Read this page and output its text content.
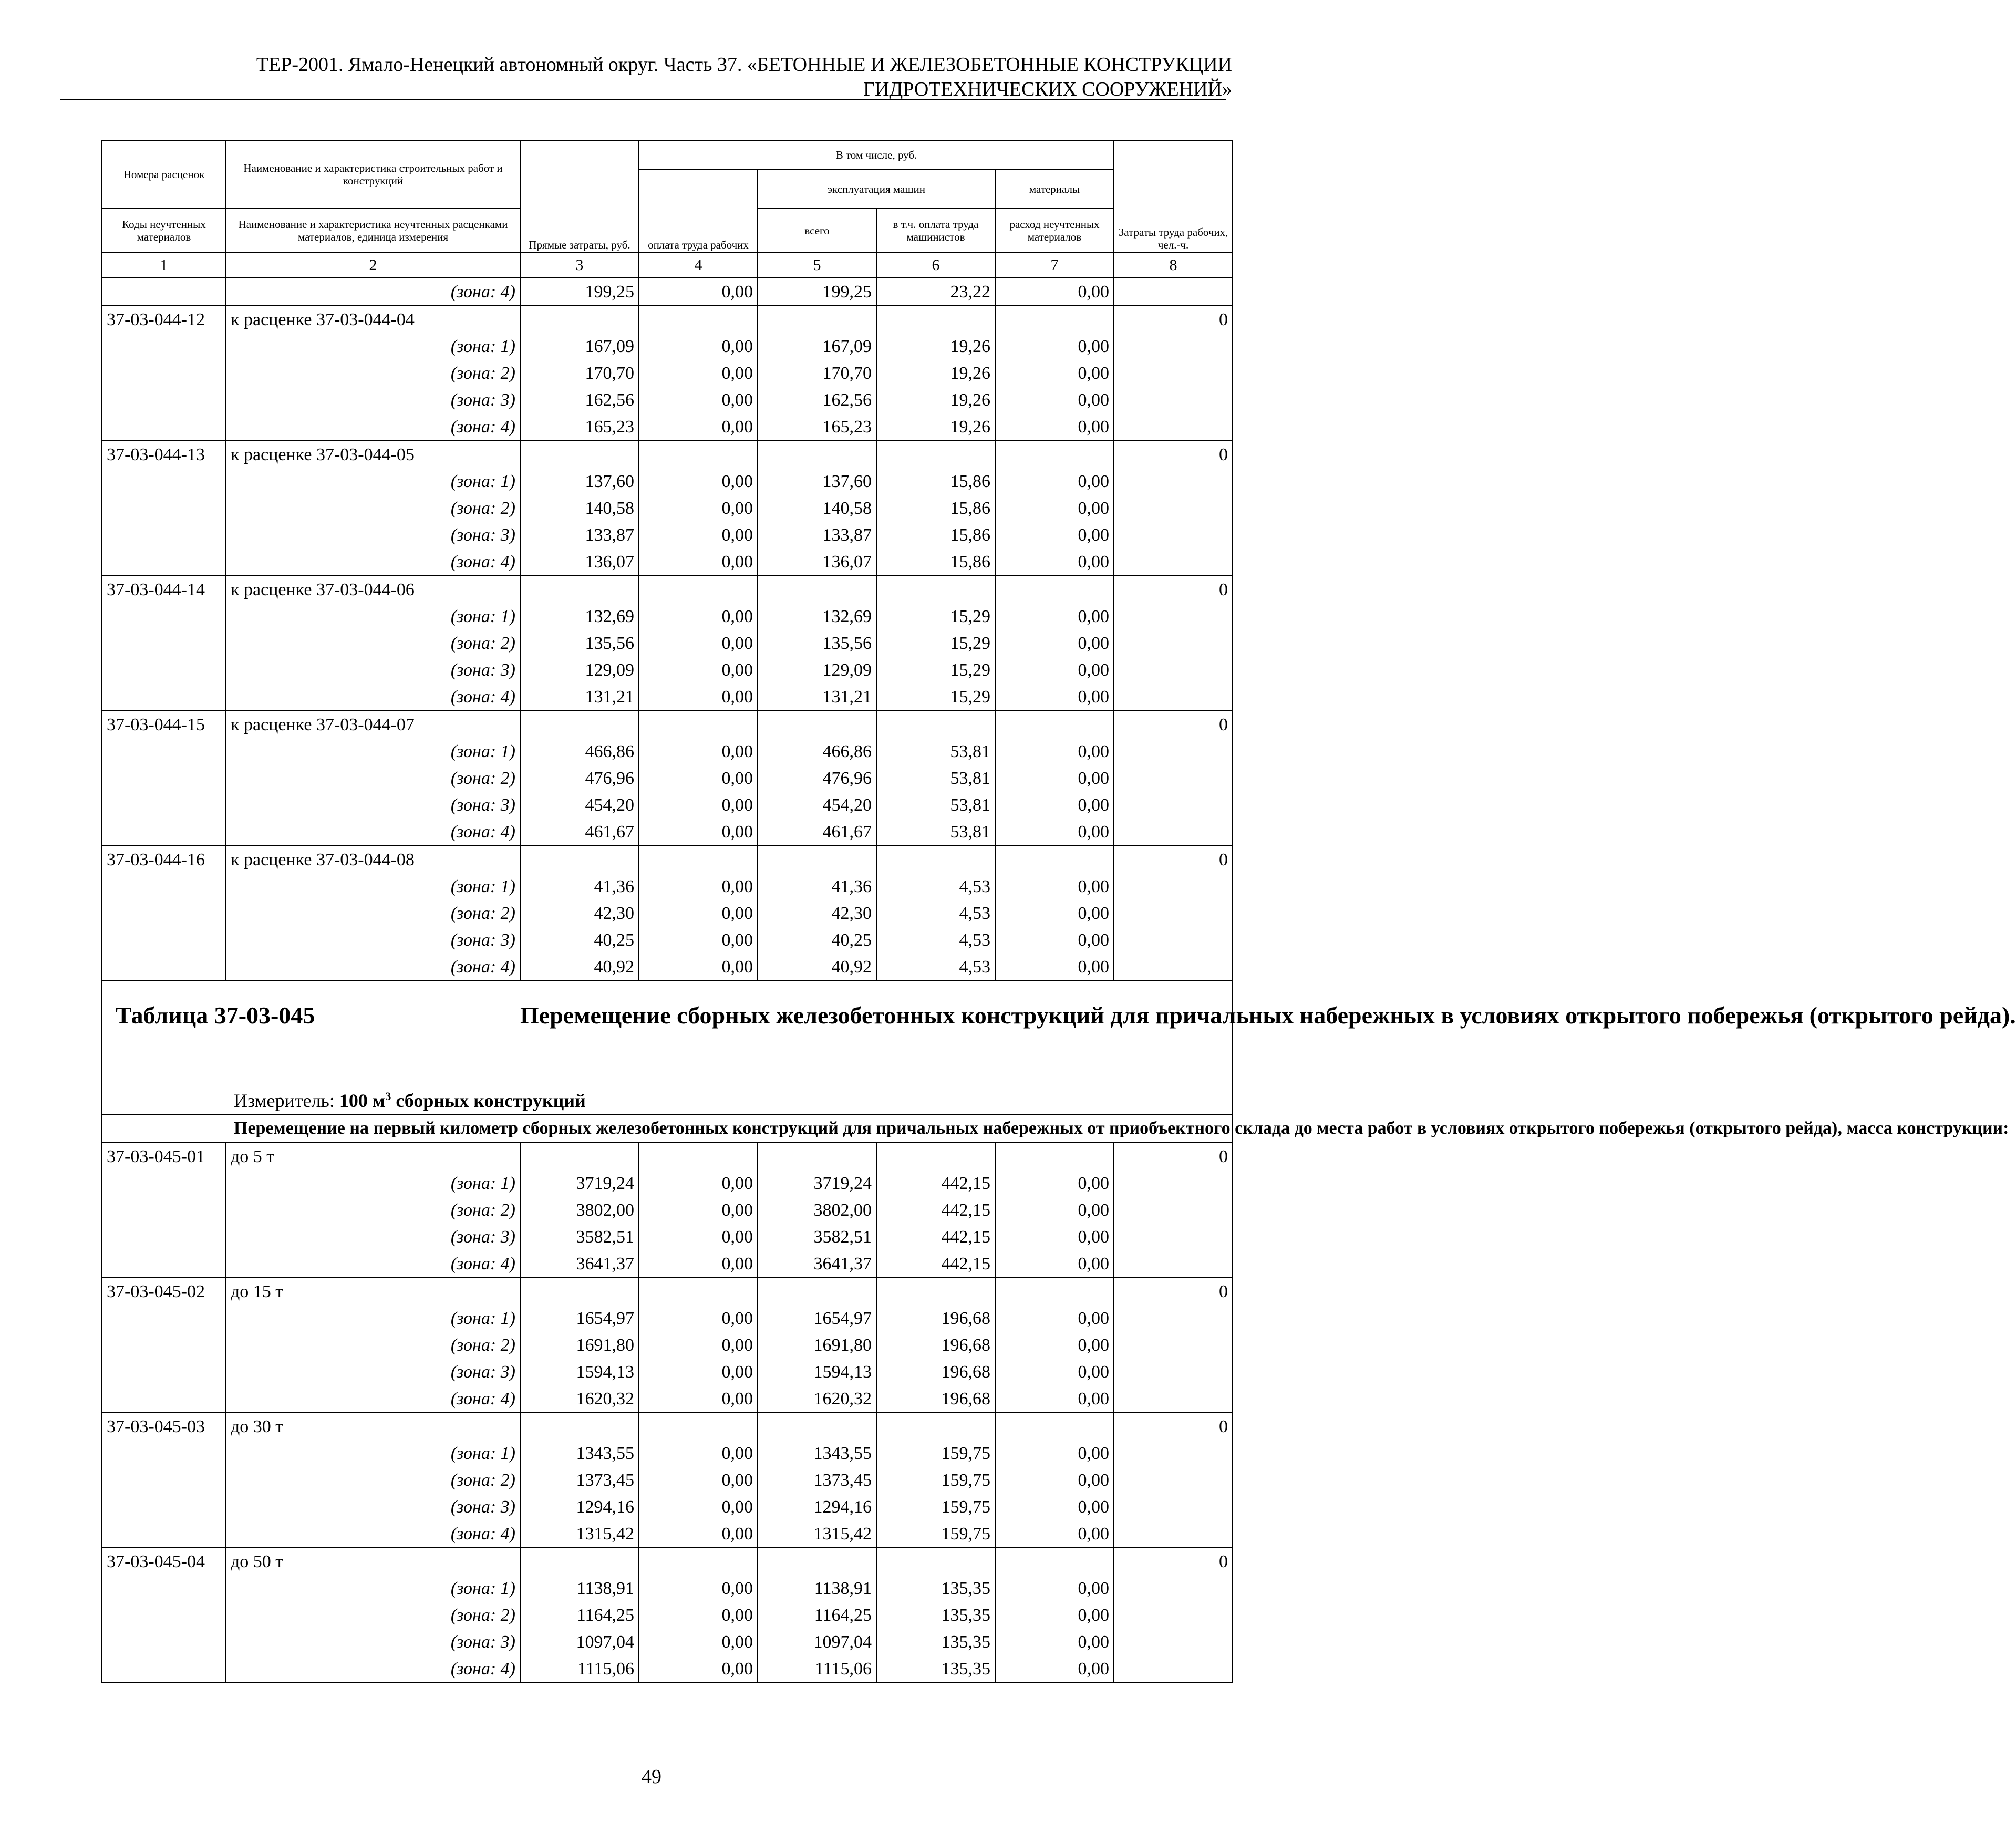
ТЕР-2001. Ямало-Ненецкий автономный округ. Часть 37. «БЕТОННЫЕ И ЖЕЛЕЗОБЕТОННЫЕ КОНСТРУКЦИИ
ГИДРОТЕХНИЧЕСКИХ СООРУЖЕНИЙ»
Номера расценок	Наименование и характеристика строительных работ и конструкций	Прямые затраты, руб.	В том числе, руб.				Затраты труда рабочих, чел.-ч.
			оплата труда рабочих	эксплуатация машин		материалы	
Коды неучтенных материалов	Наименование и характеристика неучтенных расценками материалов, единица измерения			всего	в т.ч. оплата труда машинистов	расход неучтенных материалов	
1	2	3	4	5	6	7	8
	(зона: 4)	199,25	0,00	199,25	23,22	0,00	
37-03-044-12	к расценке 37-03-044-04						0
	(зона: 1)	167,09	0,00	167,09	19,26	0,00	
	(зона: 2)	170,70	0,00	170,70	19,26	0,00	
	(зона: 3)	162,56	0,00	162,56	19,26	0,00	
	(зона: 4)	165,23	0,00	165,23	19,26	0,00	
37-03-044-13	к расценке 37-03-044-05						0
	(зона: 1)	137,60	0,00	137,60	15,86	0,00	
	(зона: 2)	140,58	0,00	140,58	15,86	0,00	
	(зона: 3)	133,87	0,00	133,87	15,86	0,00	
	(зона: 4)	136,07	0,00	136,07	15,86	0,00	
37-03-044-14	к расценке 37-03-044-06						0
	(зона: 1)	132,69	0,00	132,69	15,29	0,00	
	(зона: 2)	135,56	0,00	135,56	15,29	0,00	
	(зона: 3)	129,09	0,00	129,09	15,29	0,00	
	(зона: 4)	131,21	0,00	131,21	15,29	0,00	
37-03-044-15	к расценке 37-03-044-07						0
	(зона: 1)	466,86	0,00	466,86	53,81	0,00	
	(зона: 2)	476,96	0,00	476,96	53,81	0,00	
	(зона: 3)	454,20	0,00	454,20	53,81	0,00	
	(зона: 4)	461,67	0,00	461,67	53,81	0,00	
37-03-044-16	к расценке 37-03-044-08						0
	(зона: 1)	41,36	0,00	41,36	4,53	0,00	
	(зона: 2)	42,30	0,00	42,30	4,53	0,00	
	(зона: 3)	40,25	0,00	40,25	4,53	0,00	
	(зона: 4)	40,92	0,00	40,92	4,53	0,00	

Таблица 37-03-045 Перемещение сборных железобетонных конструкций для причальных набережных в условиях открытого побережья (открытого рейда).
Измеритель: 100 $м^3$ сборных конструкций							

Перемещение на первый километр сборных железобетонных конструкций для причальных набережных от приобъектного склада до места работ в условиях открытого побережья (открытого рейда), масса конструкции:							

37-03-045-01	до 5 т						0
	(зона: 1)	3719,24	0,00	3719,24	442,15	0,00	
	(зона: 2)	3802,00	0,00	3802,00	442,15	0,00	
	(зона: 3)	3582,51	0,00	3582,51	442,15	0,00	
	(зона: 4)	3641,37	0,00	3641,37	442,15	0,00	
37-03-045-02	до 15 т						0
	(зона: 1)	1654,97	0,00	1654,97	196,68	0,00	
	(зона: 2)	1691,80	0,00	1691,80	196,68	0,00	
	(зона: 3)	1594,13	0,00	1594,13	196,68	0,00	
	(зона: 4)	1620,32	0,00	1620,32	196,68	0,00	
37-03-045-03	до 30 т						0
	(зона: 1)	1343,55	0,00	1343,55	159,75	0,00	
	(зона: 2)	1373,45	0,00	1373,45	159,75	0,00	
	(зона: 3)	1294,16	0,00	1294,16	159,75	0,00	
	(зона: 4)	1315,42	0,00	1315,42	159,75	0,00	
37-03-045-04	до 50 т						0
	(зона: 1)	1138,91	0,00	1138,91	135,35	0,00	
	(зона: 2)	1164,25	0,00	1164,25	135,35	0,00	
	(зона: 3)	1097,04	0,00	1097,04	135,35	0,00	
	(зона: 4)	1115,06	0,00	1115,06	135,35	0,00	
49
